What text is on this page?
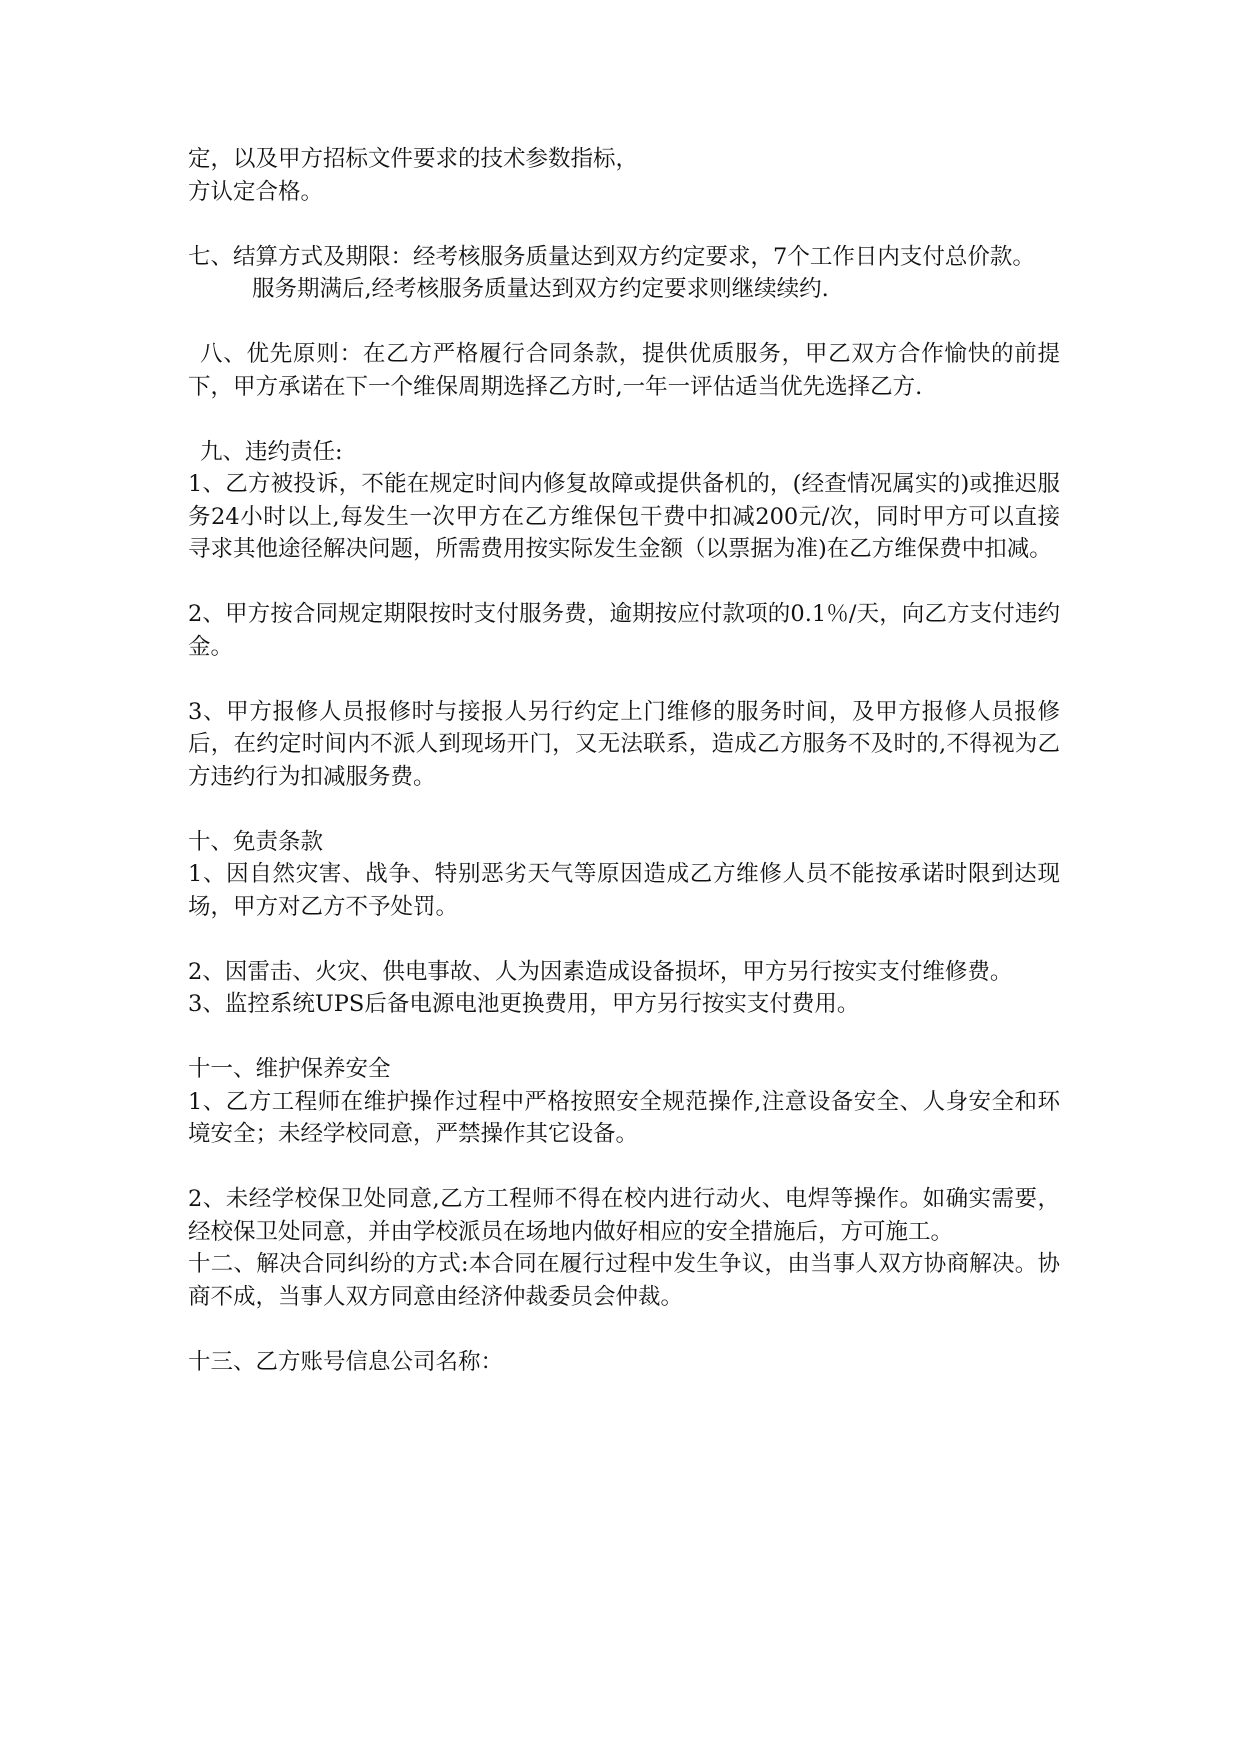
定，以及甲方招标文件要求的技术参数指标，

方认定合格。

七、结算方式及期限：经考核服务质量达到双方约定要求，7个工作日内支付总价款。

服务期满后,经考核服务质量达到双方约定要求则继续续约.

八、优先原则：在乙方严格履行合同条款，提供优质服务，甲乙双方合作愉快的前提下，甲方承诺在下一个维保周期选择乙方时,一年一评估适当优先选择乙方.

九、违约责任:

1、乙方被投诉，不能在规定时间内修复故障或提供备机的，(经查情况属实的)或推迟服务24小时以上,每发生一次甲方在乙方维保包干费中扣减200元/次，同时甲方可以直接寻求其他途径解决问题，所需费用按实际发生金额（以票据为准)在乙方维保费中扣减。

2、甲方按合同规定期限按时支付服务费，逾期按应付款项的0.1％/天，向乙方支付违约金。

3、甲方报修人员报修时与接报人另行约定上门维修的服务时间，及甲方报修人员报修后，在约定时间内不派人到现场开门，又无法联系，造成乙方服务不及时的,不得视为乙方违约行为扣减服务费。

十、免责条款

1、因自然灾害、战争、特别恶劣天气等原因造成乙方维修人员不能按承诺时限到达现场，甲方对乙方不予处罚。

2、因雷击、火灾、供电事故、人为因素造成设备损坏，甲方另行按实支付维修费。

3、监控系统UPS后备电源电池更换费用，甲方另行按实支付费用。

十一、维护保养安全

1、乙方工程师在维护操作过程中严格按照安全规范操作,注意设备安全、人身安全和环境安全；未经学校同意，严禁操作其它设备。

2、未经学校保卫处同意,乙方工程师不得在校内进行动火、电焊等操作。如确实需要，经校保卫处同意，并由学校派员在场地内做好相应的安全措施后，方可施工。

十二、解决合同纠纷的方式:本合同在履行过程中发生争议，由当事人双方协商解决。协商不成，当事人双方同意由经济仲裁委员会仲裁。

十三、乙方账号信息公司名称：
